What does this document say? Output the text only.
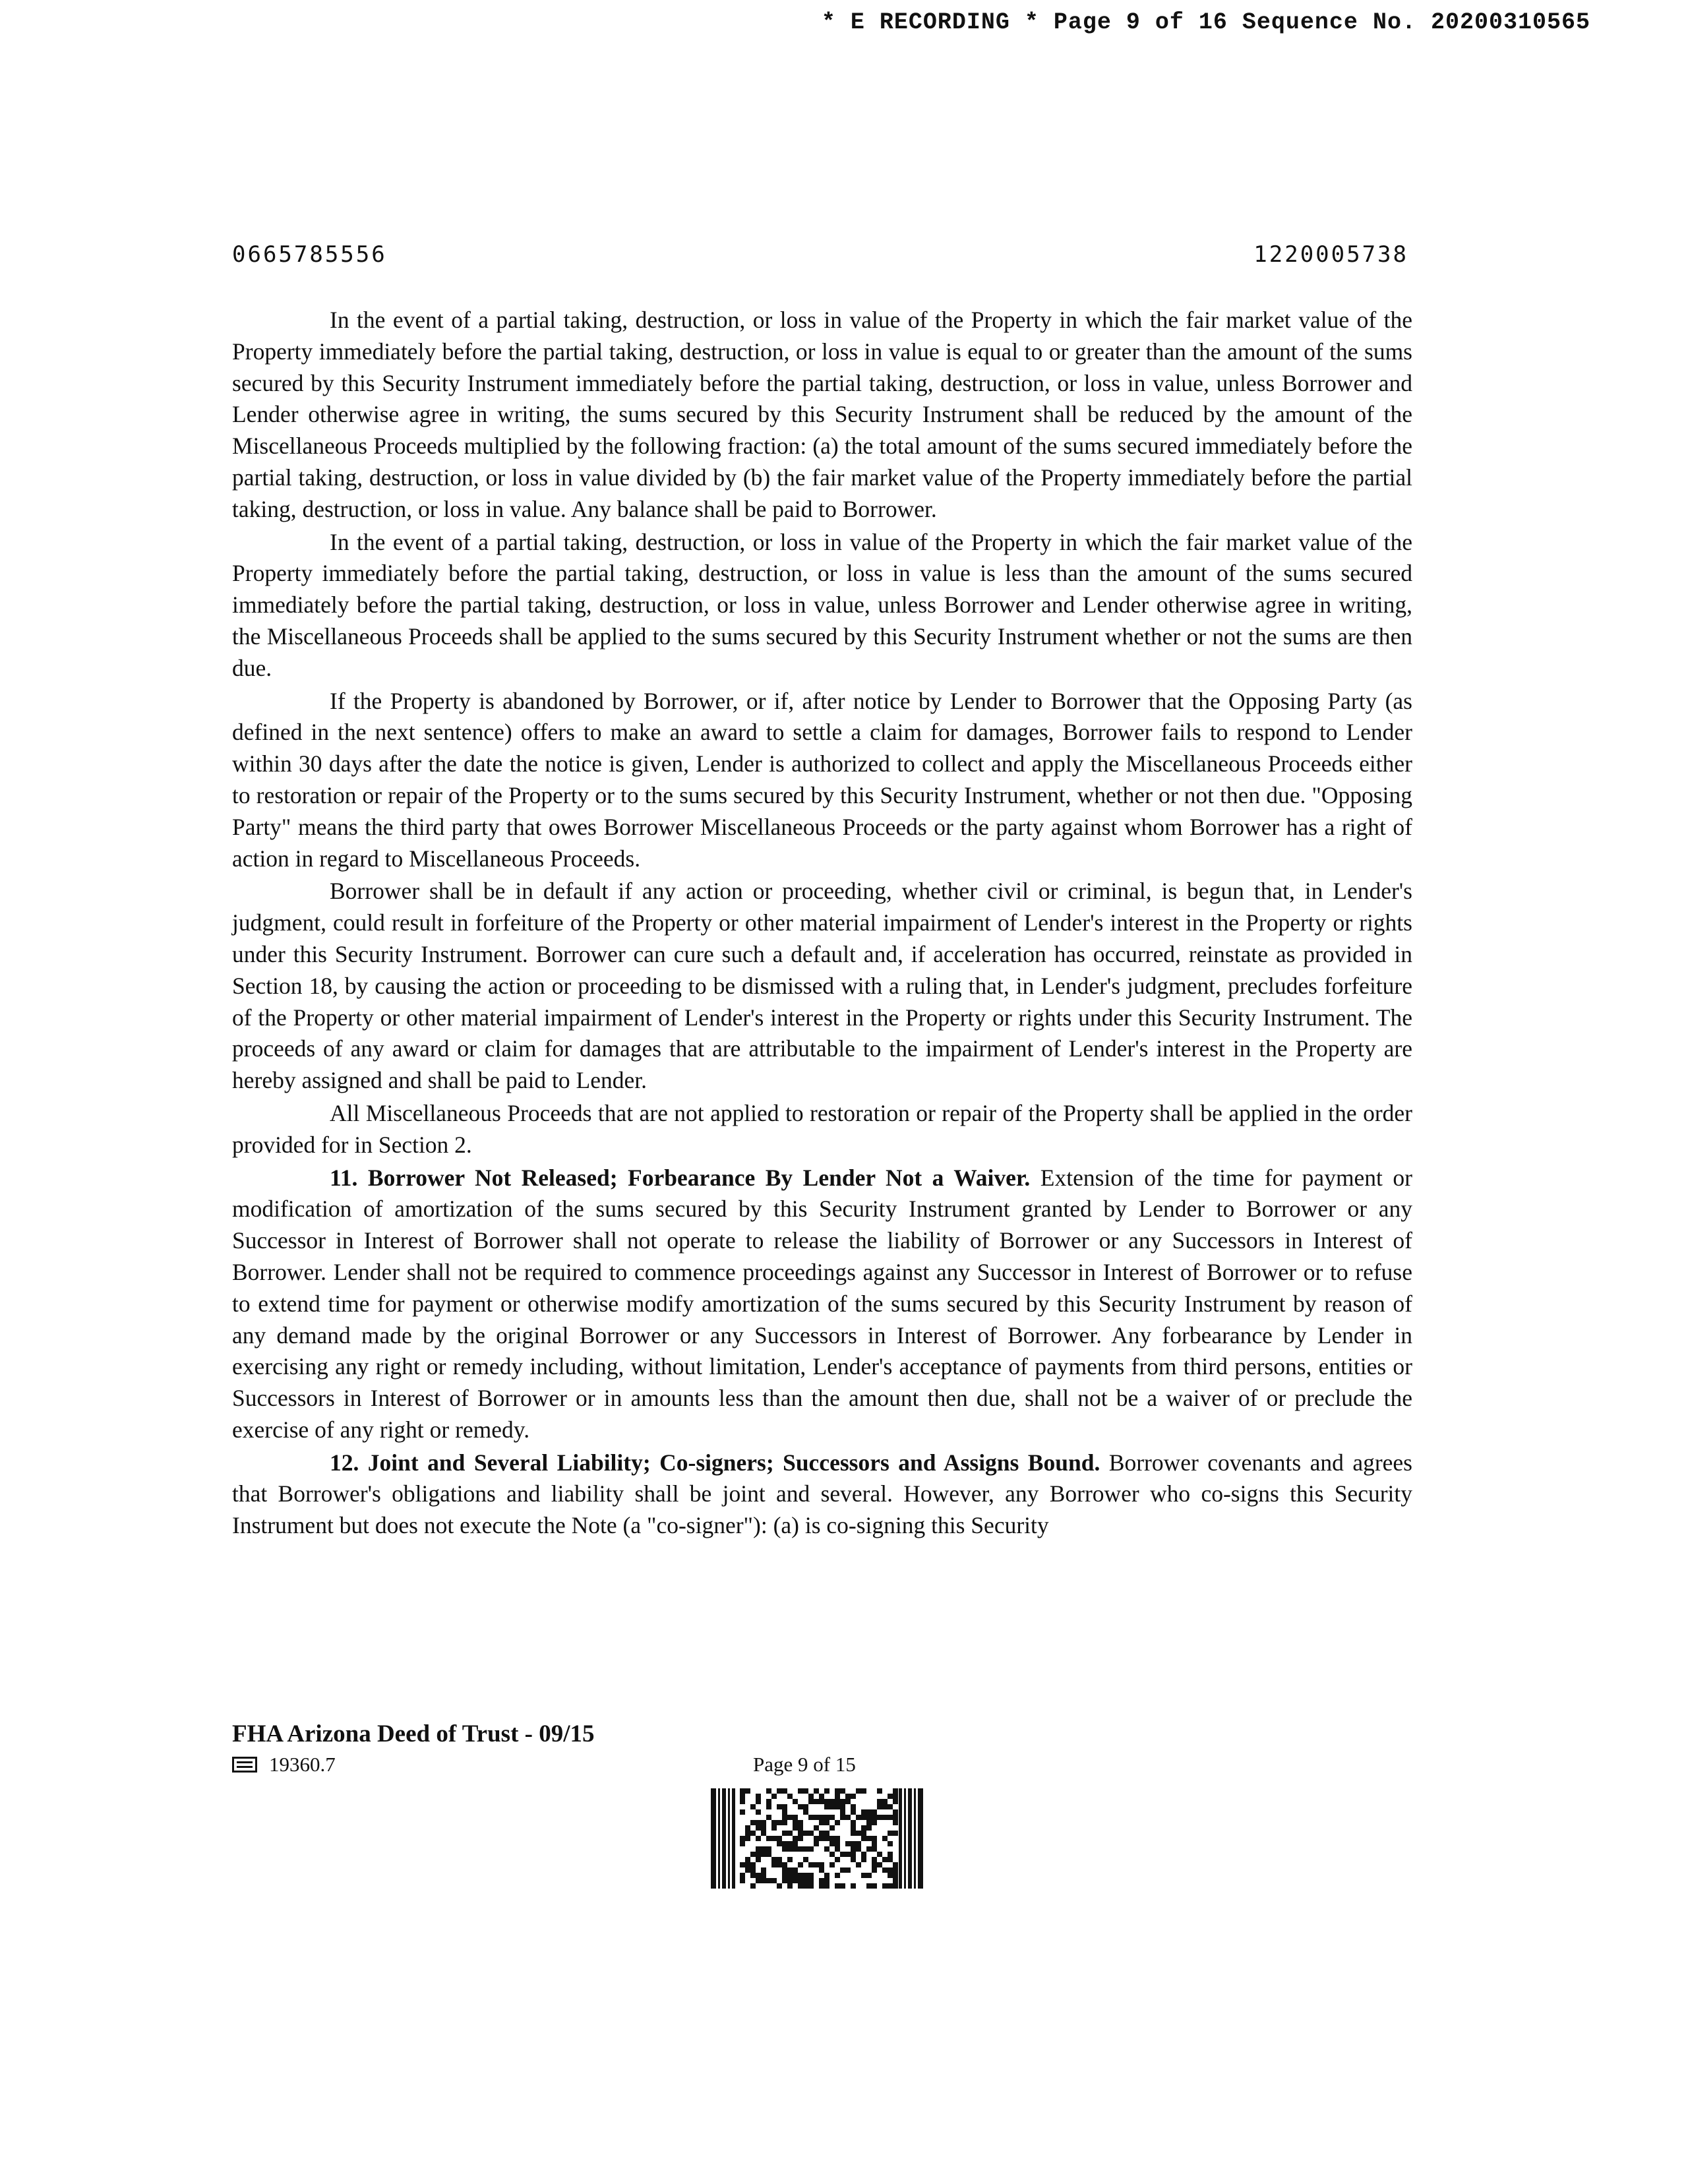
* E RECORDING * Page 9 of 16 Sequence No. 20200310565
0665785556	1220005738

In the event of a partial taking, destruction, or loss in value of the Property in which the fair market value of the Property immediately before the partial taking, destruction, or loss in value is equal to or greater than the amount of the sums secured by this Security Instrument immediately before the partial taking, destruction, or loss in value, unless Borrower and Lender otherwise agree in writing, the sums secured by this Security Instrument shall be reduced by the amount of the Miscellaneous Proceeds multiplied by the following fraction: (a) the total amount of the sums secured immediately before the partial taking, destruction, or loss in value divided by (b) the fair market value of the Property immediately before the partial taking, destruction, or loss in value. Any balance shall be paid to Borrower.

In the event of a partial taking, destruction, or loss in value of the Property in which the fair market value of the Property immediately before the partial taking, destruction, or loss in value is less than the amount of the sums secured immediately before the partial taking, destruction, or loss in value, unless Borrower and Lender otherwise agree in writing, the Miscellaneous Proceeds shall be applied to the sums secured by this Security Instrument whether or not the sums are then due.

If the Property is abandoned by Borrower, or if, after notice by Lender to Borrower that the Opposing Party (as defined in the next sentence) offers to make an award to settle a claim for damages, Borrower fails to respond to Lender within 30 days after the date the notice is given, Lender is authorized to collect and apply the Miscellaneous Proceeds either to restoration or repair of the Property or to the sums secured by this Security Instrument, whether or not then due. "Opposing Party" means the third party that owes Borrower Miscellaneous Proceeds or the party against whom Borrower has a right of action in regard to Miscellaneous Proceeds.

Borrower shall be in default if any action or proceeding, whether civil or criminal, is begun that, in Lender's judgment, could result in forfeiture of the Property or other material impairment of Lender's interest in the Property or rights under this Security Instrument. Borrower can cure such a default and, if acceleration has occurred, reinstate as provided in Section 18, by causing the action or proceeding to be dismissed with a ruling that, in Lender's judgment, precludes forfeiture of the Property or other material impairment of Lender's interest in the Property or rights under this Security Instrument. The proceeds of any award or claim for damages that are attributable to the impairment of Lender's interest in the Property are hereby assigned and shall be paid to Lender.

All Miscellaneous Proceeds that are not applied to restoration or repair of the Property shall be applied in the order provided for in Section 2.

11. Borrower Not Released; Forbearance By Lender Not a Waiver. Extension of the time for payment or modification of amortization of the sums secured by this Security Instrument granted by Lender to Borrower or any Successor in Interest of Borrower shall not operate to release the liability of Borrower or any Successors in Interest of Borrower. Lender shall not be required to commence proceedings against any Successor in Interest of Borrower or to refuse to extend time for payment or otherwise modify amortization of the sums secured by this Security Instrument by reason of any demand made by the original Borrower or any Successors in Interest of Borrower. Any forbearance by Lender in exercising any right or remedy including, without limitation, Lender's acceptance of payments from third persons, entities or Successors in Interest of Borrower or in amounts less than the amount then due, shall not be a waiver of or preclude the exercise of any right or remedy.

12. Joint and Several Liability; Co-signers; Successors and Assigns Bound. Borrower covenants and agrees that Borrower's obligations and liability shall be joint and several. However, any Borrower who co-signs this Security Instrument but does not execute the Note (a "co-signer"): (a) is co-signing this Security

FHA Arizona Deed of Trust - 09/15
19360.7	Page 9 of 15
